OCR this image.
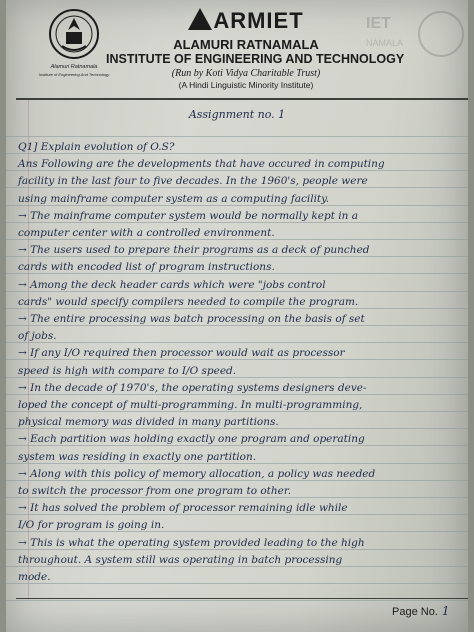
Alamuri Ratnamala
Institute of Engineering And Technology
IET
NAMALA
ARMIET
ALAMURI RATNAMALA
INSTITUTE OF ENGINEERING AND TECHNOLOGY
(Run by Koti Vidya Charitable Trust)
(A Hindi Linguistic Minority Institute)
Assignment no. 1
Q1] Explain evolution of O.S?
Ans Following are the developments that have occured in computing
facility in the last four to five decades. In the 1960's, people were
using mainframe computer system as a computing facility.
→ The mainframe computer system would be normally kept in a
computer center with a controlled environment.
→ The users used to prepare their programs as a deck of punched
cards with encoded list of program instructions.
→ Among the deck header cards which were "jobs control
cards" would specify compilers needed to compile the program.
→ The entire processing was batch processing on the basis of set
of jobs.
→ If any I/O required then processor would wait as processor
speed is high with compare to I/O speed.
→ In the decade of 1970's, the operating systems designers deve-
loped the concept of multi-programming. In multi-programming,
physical memory was divided in many partitions.
→ Each partition was holding exactly one program and operating
system was residing in exactly one partition.
→ Along with this policy of memory allocation, a policy was needed
to switch the processor from one program to other.
→ It has solved the problem of processor remaining idle while
I/O for program is going in.
→ This is what the operating system provided leading to the high
throughout. A system still was operating in batch processing
mode.
Page No. 1
